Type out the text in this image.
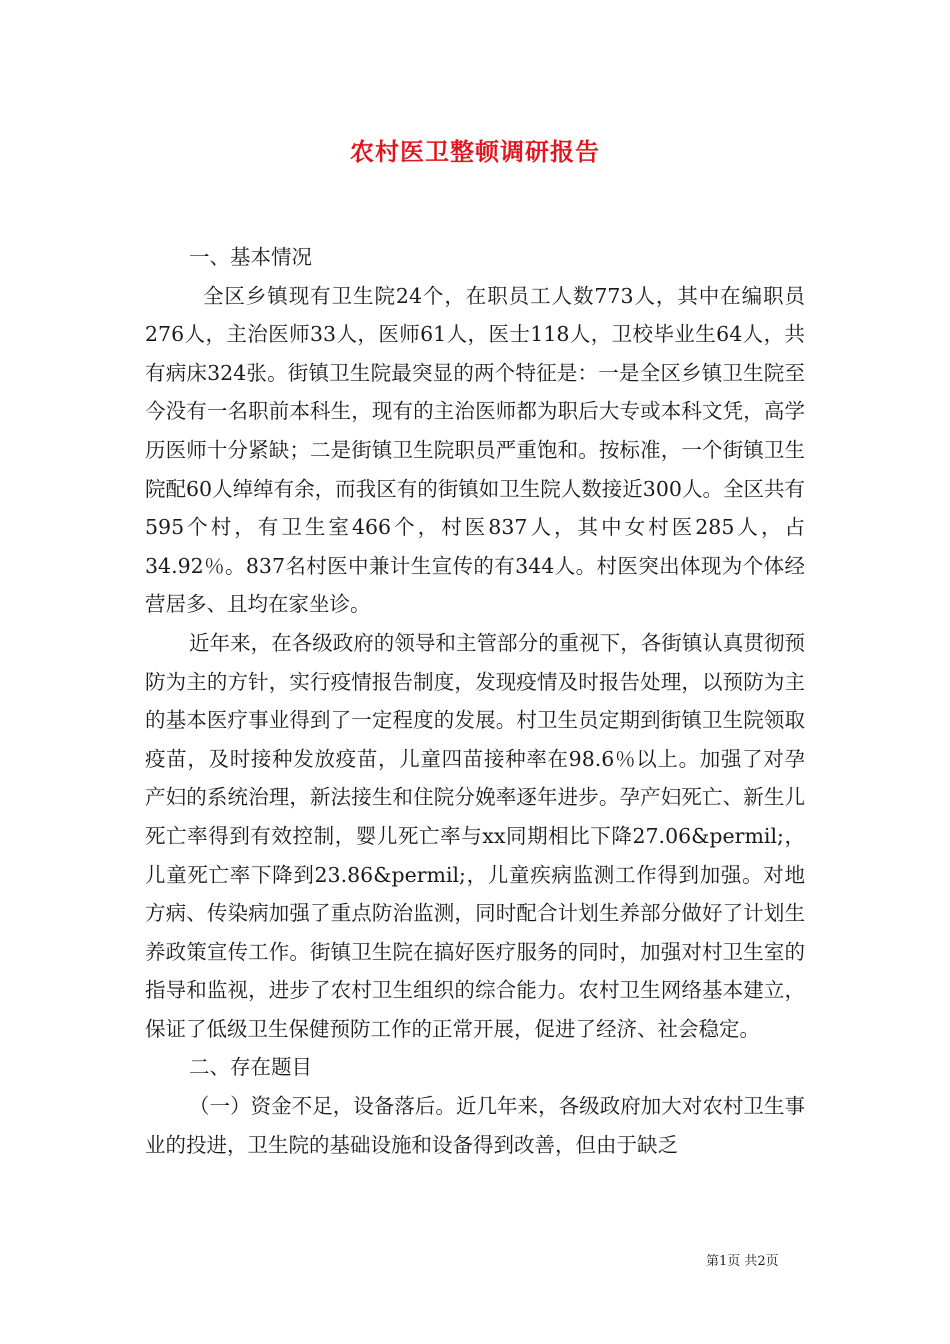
农村医卫整顿调研报告

一、基本情况

全区乡镇现有卫生院24个，在职员工人数773人，其中在编职员276人，主治医师33人，医师61人，医士118人，卫校毕业生64人，共有病床324张。街镇卫生院最突显的两个特征是：一是全区乡镇卫生院至今没有一名职前本科生，现有的主治医师都为职后大专或本科文凭，高学历医师十分紧缺；二是街镇卫生院职员严重饱和。按标准，一个街镇卫生院配60人绰绰有余，而我区有的街镇如卫生院人数接近300人。全区共有595个村，有卫生室466个，村医837人，其中女村医285人，占34.92％。837名村医中兼计生宣传的有344人。村医突出体现为个体经营居多、且均在家坐诊。

近年来，在各级政府的领导和主管部分的重视下，各街镇认真贯彻预防为主的方针，实行疫情报告制度，发现疫情及时报告处理，以预防为主的基本医疗事业得到了一定程度的发展。村卫生员定期到街镇卫生院领取疫苗，及时接种发放疫苗，儿童四苗接种率在98.6％以上。加强了对孕产妇的系统治理，新法接生和住院分娩率逐年进步。孕产妇死亡、新生儿死亡率得到有效控制，婴儿死亡率与xx同期相比下降27.06&permil;，儿童死亡率下降到23.86&permil;，儿童疾病监测工作得到加强。对地方病、传染病加强了重点防治监测，同时配合计划生养部分做好了计划生养政策宣传工作。街镇卫生院在搞好医疗服务的同时，加强对村卫生室的指导和监视，进步了农村卫生组织的综合能力。农村卫生网络基本建立，保证了低级卫生保健预防工作的正常开展，促进了经济、社会稳定。

二、存在题目

（一）资金不足，设备落后。近几年来，各级政府加大对农村卫生事业的投进，卫生院的基础设施和设备得到改善，但由于缺乏

第1页 共2页
